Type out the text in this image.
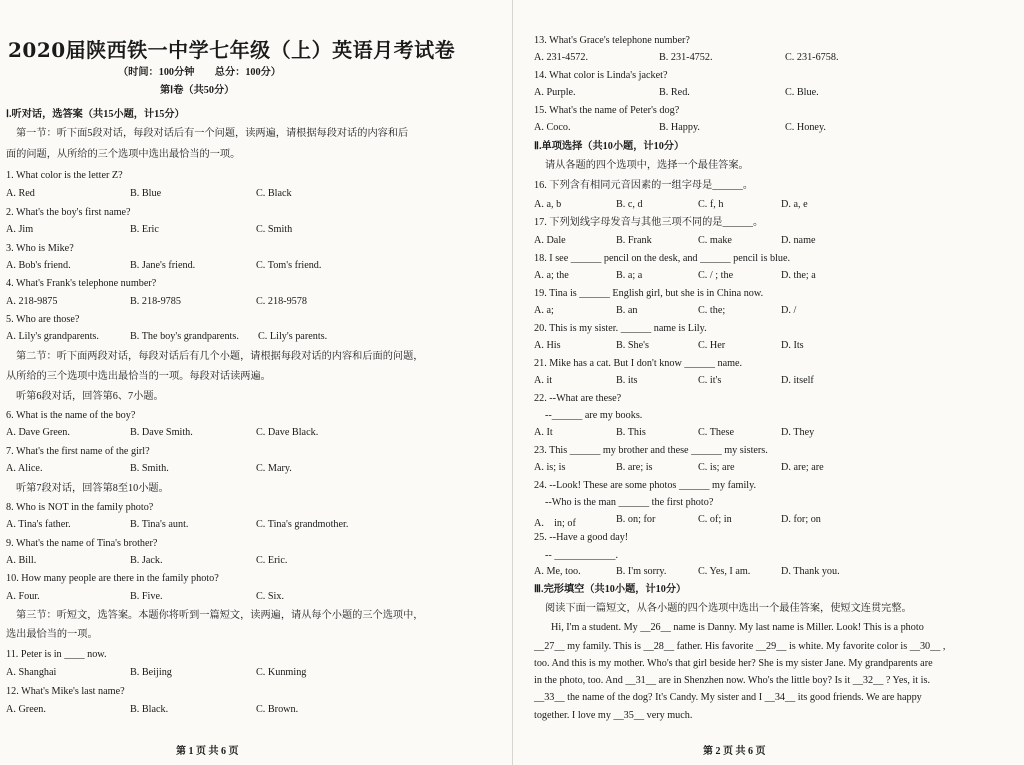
2020届陕西铁一中学七年级（上）英语月考试卷
（时间：100分钟　　总分：100分）
第Ⅰ卷（共50分）
Ⅰ.听对话，选答案（共15小题，计15分）
第一节：听下面5段对话，每段对话后有一个问题，读两遍，请根据每段对话的内容和后
面的问题，从所给的三个选项中选出最恰当的一项。
1. What color is the letter Z?
A. Red	B. Blue	C. Black
2. What's the boy's first name?
A. Jim	B. Eric	C. Smith
3. Who is Mike?
A. Bob's friend.	B. Jane's friend.	C. Tom's friend.
4. What's Frank's telephone number?
A. 218-9875	B. 218-9785	C. 218-9578
5. Who are those?
A. Lily's grandparents.	B. The boy's grandparents. C. Lily's parents.
第二节：听下面两段对话，每段对话后有几个小题，请根据每段对话的内容和后面的问题，
从所给的三个选项中选出最恰当的一项。每段对话读两遍。
听第6段对话，回答第6、7小题。
6. What is the name of the boy?
A. Dave Green.	B. Dave Smith.	C. Dave Black.
7. What's the first name of the girl?
A. Alice.	B. Smith.	C. Mary.
听第7段对话，回答第8至10小题。
8. Who is NOT in the family photo?
A. Tina's father.	B. Tina's aunt.	C. Tina's grandmother.
9. What's the name of Tina's brother?
A. Bill.	B. Jack.	C. Eric.
10. How many people are there in the family photo?
A. Four.	B. Five.	C. Six.
第三节：听短文，选答案。本题你将听到一篇短文，读两遍，请从每个小题的三个选项中，
选出最恰当的一项。
11. Peter is in ____ now.
A. Shanghai	B. Beijing	C. Kunming
12. What's Mike's last name?
A. Green.	B. Black.	C. Brown.
第 1 页 共 6 页
13. What's Grace's telephone number?
A. 231-4572.	B. 231-4752.	C. 231-6758.
14. What color is Linda's jacket?
A. Purple.	B. Red.	C. Blue.
15. What's the name of Peter's dog?
A. Coco.	B. Happy.	C. Honey.
Ⅱ.单项选择（共10小题，计10分）
请从各题的四个选项中，选择一个最佳答案。
16. 下列含有相同元音因素的一组字母是______。
A. a, b	B. c, d	C. f, h	D. a, e
17. 下列划线字母发音与其他三项不同的是______。
A. Dale	B. Frank	C. make	D. name
18. I see ______ pencil on the desk, and ______ pencil is blue.
A. a; the	B. a; a	C. / ; the	D. the; a
19. Tina is ______ English girl, but she is in China now.
A. a;	B. an	C. the;	D. /
20. This is my sister. ______ name is Lily.
A. His	B. She's	C. Her	D. Its
21. Mike has a cat. But I don't know ______ name.
A. it	B. its	C. it's	D. itself
22. --What are these?
--______ are my books.
A. It	B. This	C. These	D. They
23. This ______ my brother and these ______ my sisters.
A. is; is	B. are; is	C. is; are	D. are; are
24. --Look! These are some photos ______ my family.
--Who is the man ______ the first photo?
A.　in; of	B. on; for	C. of; in	D. for; on
25. --Have a good day!
-- ____________.
A. Me, too.	B. I'm sorry.	C. Yes, I am.	D. Thank you.
Ⅲ.完形填空（共10小题，计10分）
阅读下面一篇短文，从各小题的四个选项中选出一个最佳答案，使短文连贯完整。
Hi, I'm a student. My __26__ name is Danny. My last name is Miller. Look! This is a photo
__27__ my family. This is __28__ father. His favorite __29__ is white. My favorite color is __30__ ,
too. And this is my mother. Who's that girl beside her? She is my sister Jane. My grandparents are
in the photo, too. And __31__ are in Shenzhen now. Who's the little boy? Is it __32__ ? Yes, it is.
__33__ the name of the dog? It's Candy. My sister and I __34__ its good friends. We are happy
together. I love my __35__ very much.
第 2 页 共 6 页
